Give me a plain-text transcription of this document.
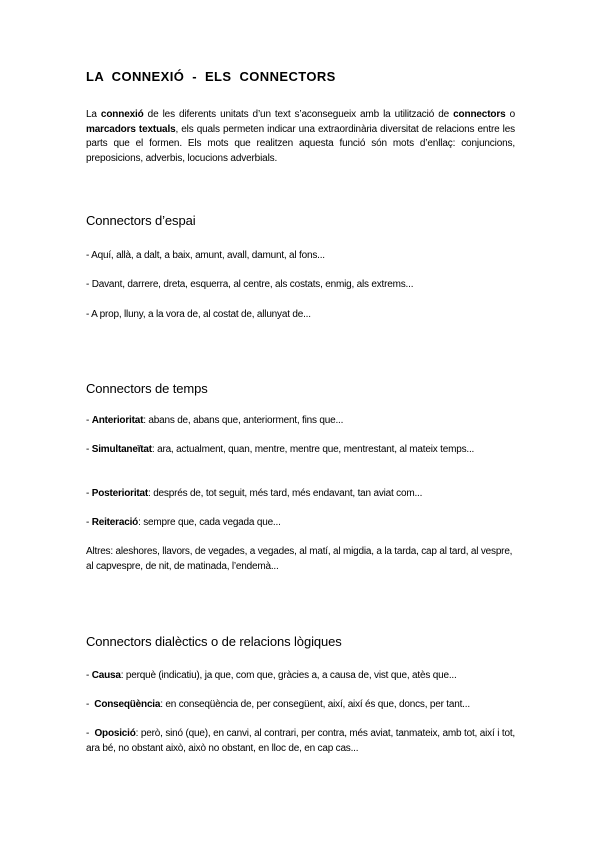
LA  CONNEXIÓ  -  ELS  CONNECTORS
La connexió de les diferents unitats d’un text s’aconsegueix amb la utilització de connectors o marcadors textuals, els quals permeten indicar una extraordinària diversitat de relacions entre les parts que el formen. Els mots que realitzen aquesta funció són mots d’enllaç: conjuncions, preposicions, adverbis, locucions adverbials.
Connectors d’espai
- Aquí, allà, a dalt, a baix, amunt, avall, damunt, al fons...
- Davant, darrere, dreta, esquerra, al centre, als costats, enmig, als extrems...
- A prop, lluny, a la vora de, al costat de, allunyat de...
Connectors de temps
- Anterioritat: abans de, abans que, anteriorment, fins que...
- Simultaneïtat: ara, actualment, quan, mentre, mentre que, mentrestant, al mateix temps...
- Posterioritat: després de, tot seguit, més tard, més endavant, tan aviat com...
- Reiteració: sempre que, cada vegada que...
Altres: aleshores, llavors, de vegades, a vegades, al matí, al migdia, a la tarda, cap al tard, al vespre, al capvespre, de nit, de matinada, l’endemà...
Connectors dialèctics o de relacions lògiques
- Causa: perquè (indicatiu), ja que, com que, gràcies a, a causa de, vist que, atès que...
-  Conseqüència: en conseqüència de, per consegüent, així, així és que, doncs, per tant...
-  Oposició: però, sinó (que), en canvi, al contrari, per contra, més aviat, tanmateix, amb tot, així i tot, ara bé, no obstant això, això no obstant, en lloc de, en cap cas...
